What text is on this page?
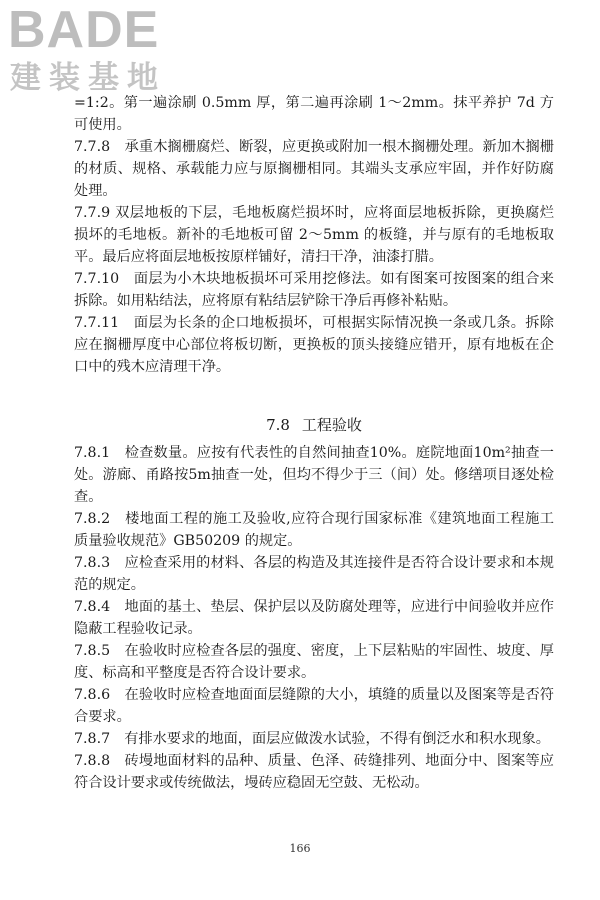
BADE
建装基地

=1:2。第一遍涂刷 0.5mm 厚，第二遍再涂刷 1～2mm。抹平养护 7d 方可使用。

7.7.8　承重木搁栅腐烂、断裂，应更换或附加一根木搁栅处理。新加木搁栅的材质、规格、承载能力应与原搁栅相同。其端头支承应牢固，并作好防腐处理。

7.7.9 双层地板的下层，毛地板腐烂损坏时，应将面层地板拆除，更换腐烂损坏的毛地板。新补的毛地板可留 2～5mm 的板缝，并与原有的毛地板取平。最后应将面层地板按原样铺好，清扫干净，油漆打腊。

7.7.10　面层为小木块地板损坏可采用挖修法。如有图案可按图案的组合来拆除。如用粘结法，应将原有粘结层铲除干净后再修补粘贴。

7.7.11　面层为长条的企口地板损坏，可根据实际情况换一条或几条。拆除应在搁栅厚度中心部位将板切断，更换板的顶头接缝应错开，原有地板在企口中的残木应清理干净。

7.8 工程验收

7.8.1　检查数量。应按有代表性的自然间抽查10%。庭院地面10m²抽查一处。游廊、甬路按5m抽查一处，但均不得少于三（间）处。修缮项目逐处检查。

7.8.2　楼地面工程的施工及验收,应符合现行国家标准《建筑地面工程施工质量验收规范》GB50209 的规定。

7.8.3　应检查采用的材料、各层的构造及其连接件是否符合设计要求和本规范的规定。

7.8.4　地面的基土、垫层、保护层以及防腐处理等，应进行中间验收并应作隐蔽工程验收记录。

7.8.5　在验收时应检查各层的强度、密度，上下层粘贴的牢固性、坡度、厚度、标高和平整度是否符合设计要求。

7.8.6　在验收时应检查地面面层缝隙的大小，填缝的质量以及图案等是否符合要求。

7.8.7　有排水要求的地面，面层应做泼水试验，不得有倒泛水和积水现象。

7.8.8　砖墁地面材料的品种、质量、色泽、砖缝排列、地面分中、图案等应符合设计要求或传统做法，墁砖应稳固无空鼓、无松动。

166
